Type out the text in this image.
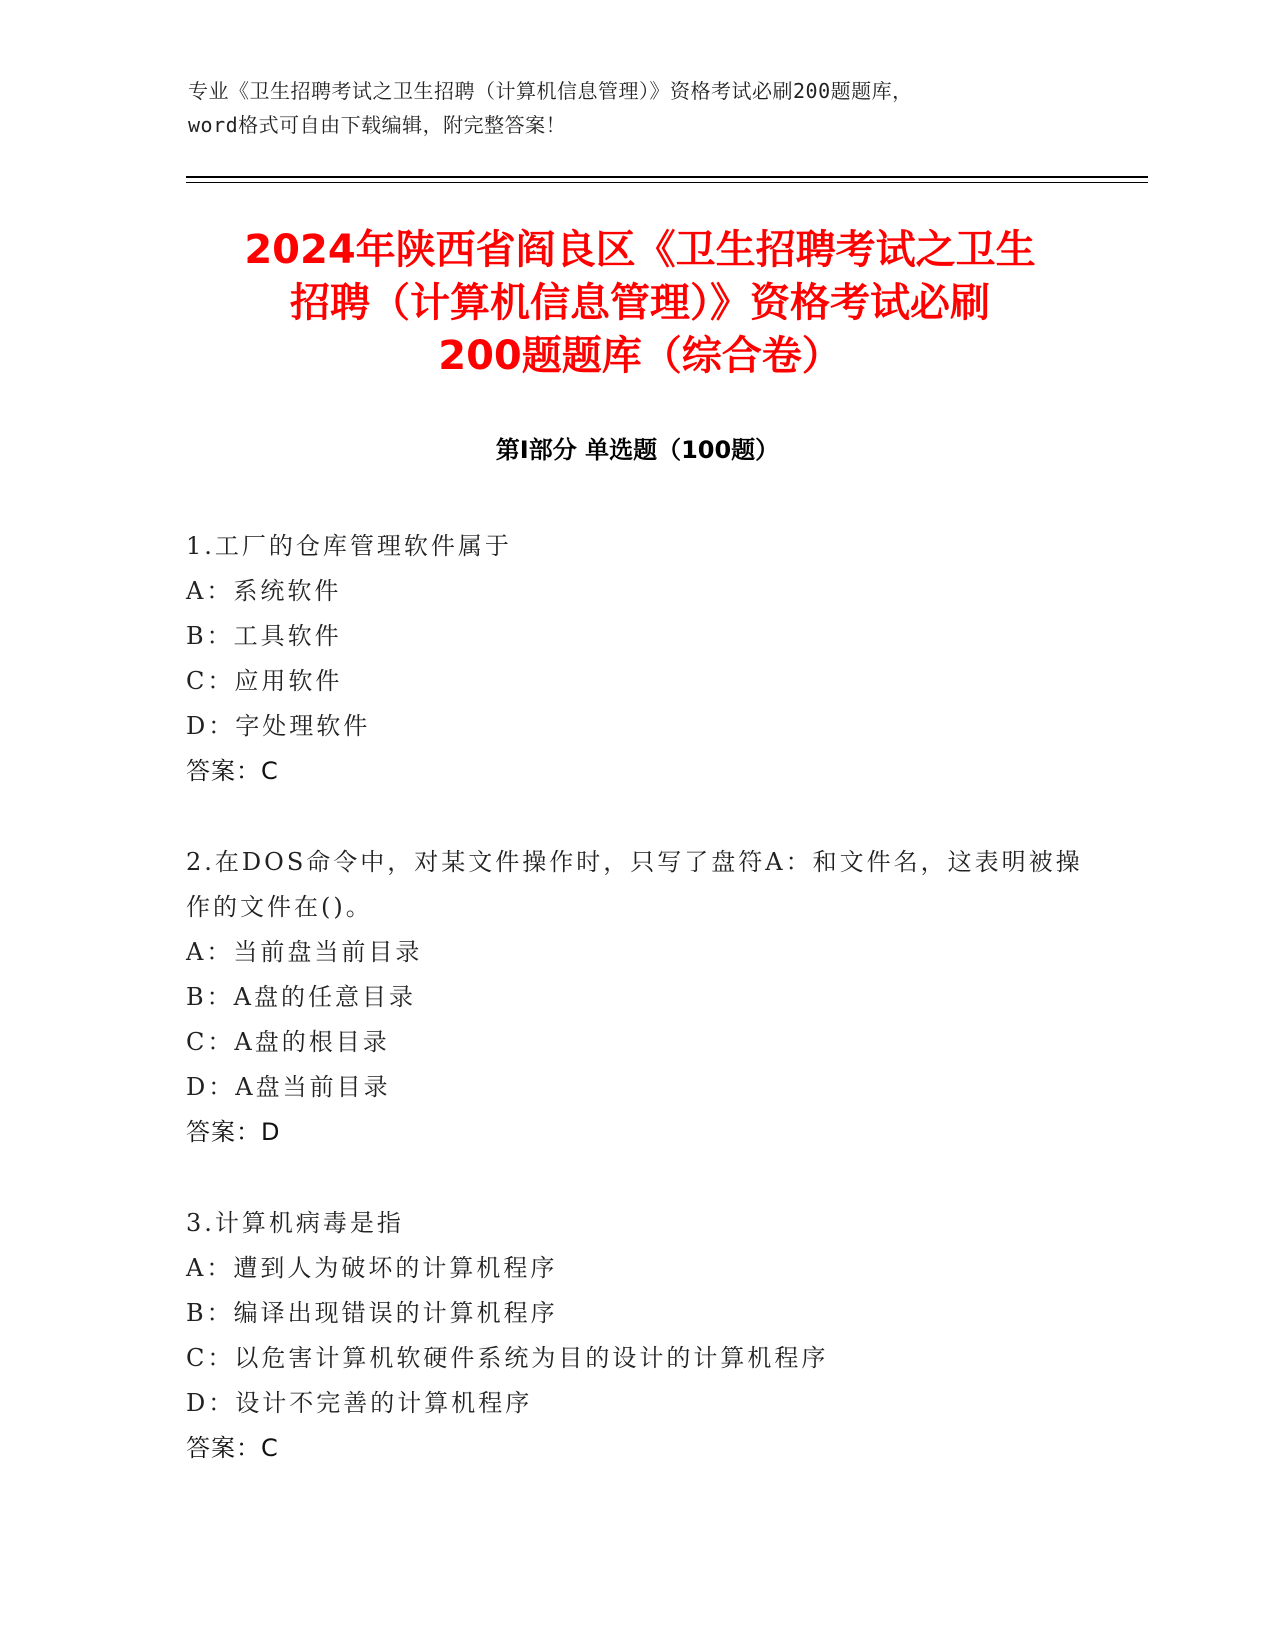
专业《卫生招聘考试之卫生招聘（计算机信息管理）》资格考试必刷200题题库，
word格式可自由下载编辑，附完整答案！
2024年陕西省阎良区《卫生招聘考试之卫生
招聘（计算机信息管理）》资格考试必刷
200题题库（综合卷）
第Ⅰ部分 单选题（100题）
1.工厂的仓库管理软件属于
A：系统软件
B：工具软件
C：应用软件
D：字处理软件
答案：C
2.在DOS命令中，对某文件操作时，只写了盘符A：和文件名，这表明被操作的文件在()。
A：当前盘当前目录
B：A盘的任意目录
C：A盘的根目录
D：A盘当前目录
答案：D
3.计算机病毒是指
A：遭到人为破坏的计算机程序
B：编译出现错误的计算机程序
C：以危害计算机软硬件系统为目的设计的计算机程序
D：设计不完善的计算机程序
答案：C
